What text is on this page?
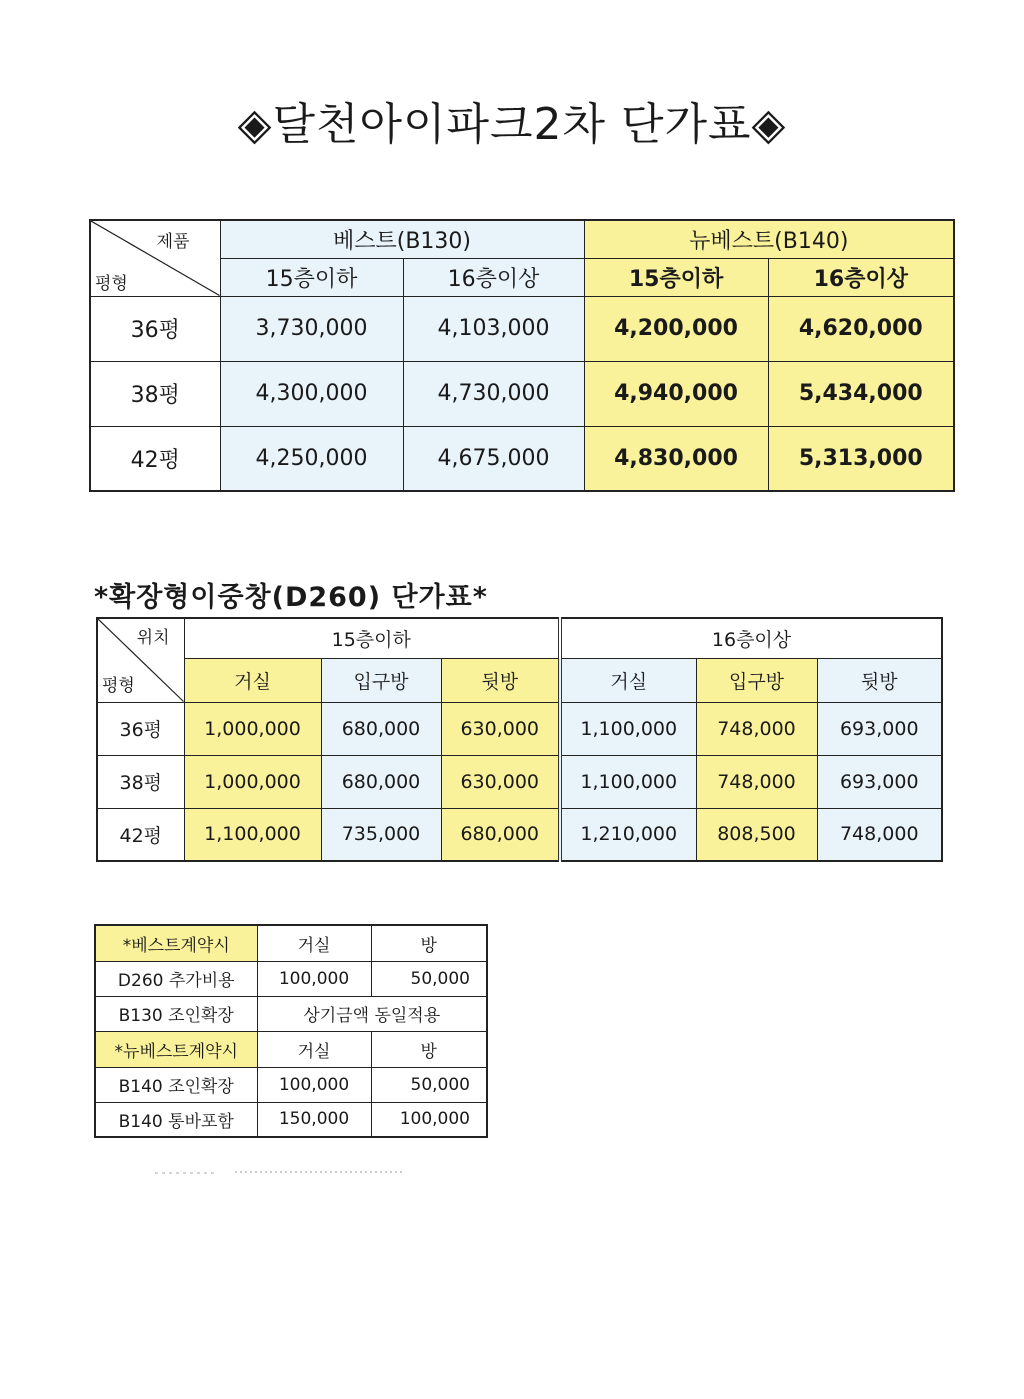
◈달천아이파크2차 단가표◈
제품
평형	베스트(B130)		뉴베스트(B140)	
	15층이하	16층이상	15층이하	16층이상
36평	3,730,000	4,103,000	4,200,000	4,620,000
38평	4,300,000	4,730,000	4,940,000	5,434,000
42평	4,250,000	4,675,000	4,830,000	5,313,000
*확장형이중창(D260) 단가표*
위치
평형	15층이하			16층이상		
	거실	입구방	뒷방	거실	입구방	뒷방
36평	1,000,000	680,000	630,000	1,100,000	748,000	693,000
38평	1,000,000	680,000	630,000	1,100,000	748,000	693,000
42평	1,100,000	735,000	680,000	1,210,000	808,500	748,000
*베스트계약시	거실	방
D260 추가비용	100,000	50,000
B130 조인확장	상기금액 동일적용	
*뉴베스트계약시	거실	방
B140 조인확장	100,000	50,000
B140 통바포함	150,000	100,000
